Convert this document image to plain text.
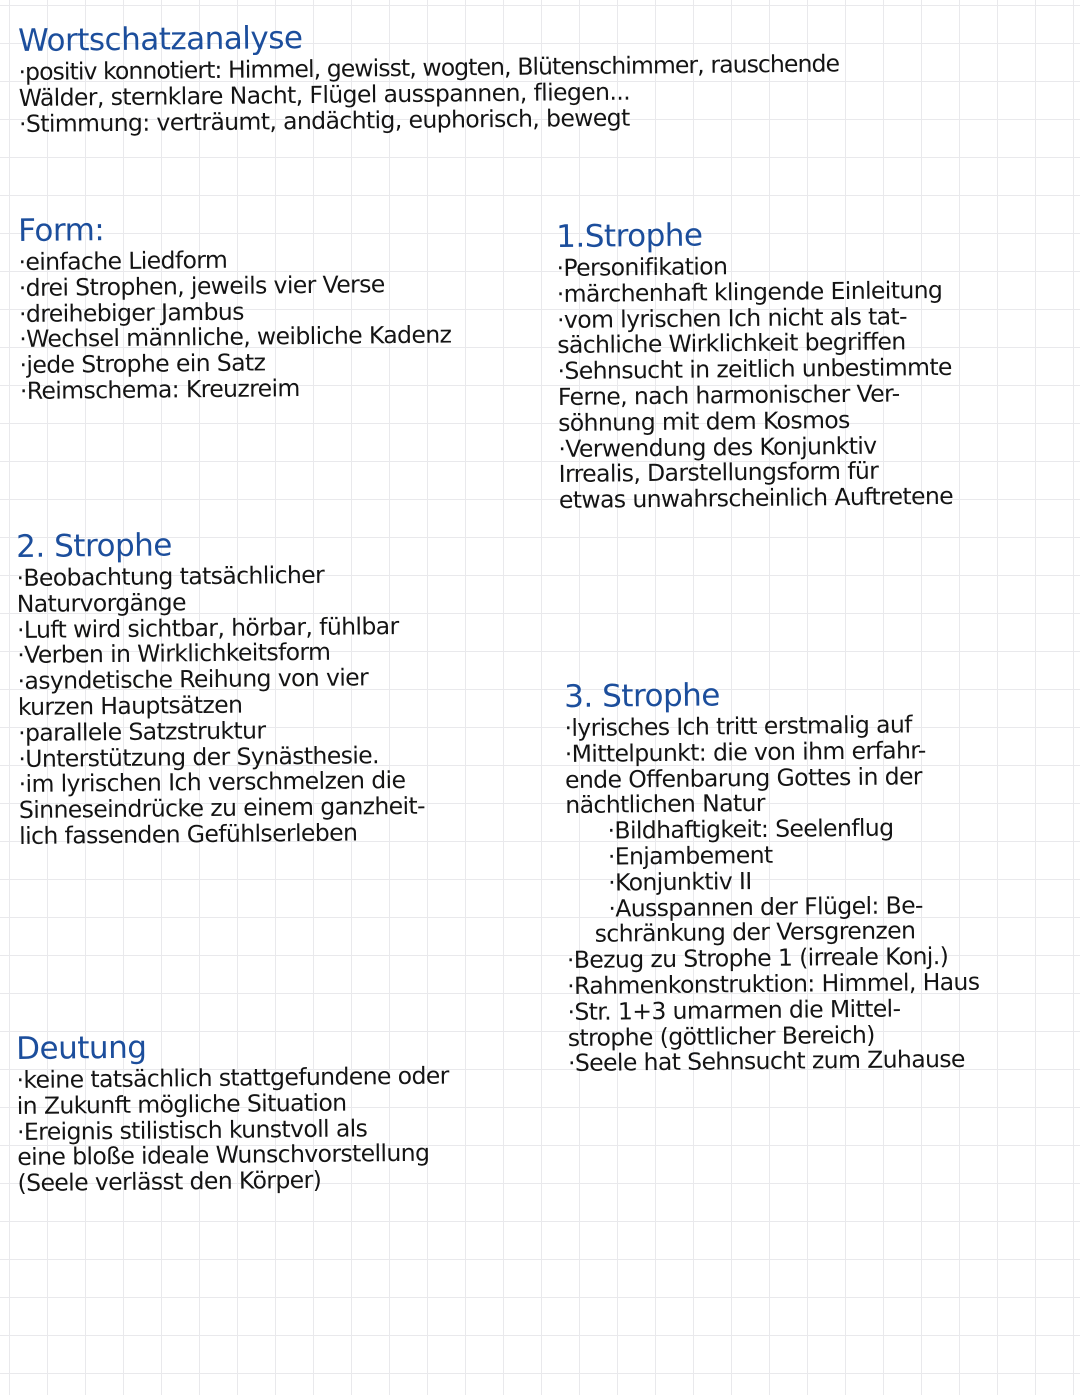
Wortschatzanalyse
·positiv konnotiert: Himmel, gewisst, wogten, Blütenschimmer, rauschende
Wälder, sternklare Nacht, Flügel ausspannen, fliegen...
·Stimmung: verträumt, andächtig, euphorisch, bewegt
Form:
·einfache Liedform
·drei Strophen, jeweils vier Verse
·dreihebiger Jambus
·Wechsel männliche, weibliche Kadenz
·jede Strophe ein Satz
·Reimschema: Kreuzreim
1.Strophe
·Personifikation
·märchenhaft klingende Einleitung
·vom lyrischen Ich nicht als tat-
sächliche Wirklichkeit begriffen
·Sehnsucht in zeitlich unbestimmte
Ferne, nach harmonischer Ver-
söhnung mit dem Kosmos
·Verwendung des Konjunktiv
Irrealis, Darstellungsform für
etwas unwahrscheinlich Auftretene
2. Strophe
·Beobachtung tatsächlicher
Naturvorgänge
·Luft wird sichtbar, hörbar, fühlbar
·Verben in Wirklichkeitsform
·asyndetische Reihung von vier
kurzen Hauptsätzen
·parallele Satzstruktur
·Unterstützung der Synästhesie.
·im lyrischen Ich verschmelzen die
Sinneseindrücke zu einem ganzheit-
lich fassenden Gefühlserleben
3. Strophe
·lyrisches Ich tritt erstmalig auf
·Mittelpunkt: die von ihm erfahr-
ende Offenbarung Gottes in der
nächtlichen Natur
·Bildhaftigkeit: Seelenflug
·Enjambement
·Konjunktiv II
·Ausspannen der Flügel: Be-
schränkung der Versgrenzen
·Bezug zu Strophe 1 (irreale Konj.)
·Rahmenkonstruktion: Himmel, Haus
·Str. 1+3 umarmen die Mittel-
strophe (göttlicher Bereich)
·Seele hat Sehnsucht zum Zuhause
Deutung
·keine tatsächlich stattgefundene oder
in Zukunft mögliche Situation
·Ereignis stilistisch kunstvoll als
eine bloße ideale Wunschvorstellung
(Seele verlässt den Körper)
